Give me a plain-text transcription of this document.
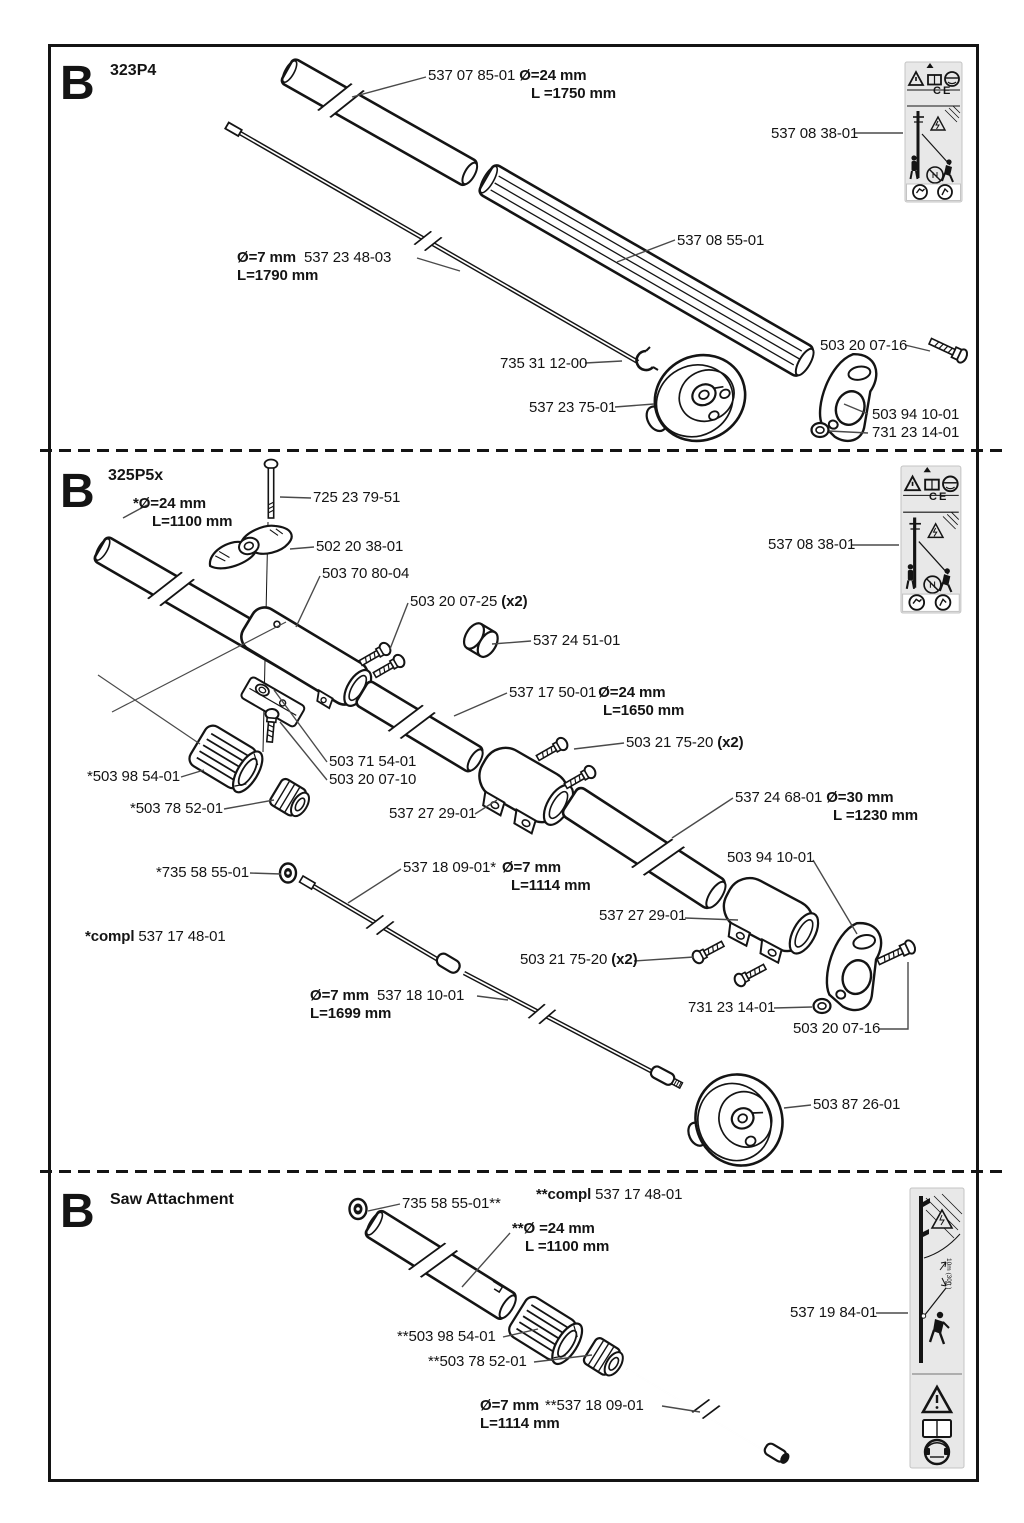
B 323P4
B 325P5x
B Saw Attachment
537 07 85-01 Ø=24 mm
L =1750 mm
537 08 38-01
537 08 55-01
Ø=7 mm 537 23 48-03
L=1790 mm
503 20 07-16
735 31 12-00
537 23 75-01	503 94 10-01
731 23 14-01
CE
*Ø=24 mm
L=1100 mm
725 23 79-51
502 20 38-01
503 70 80-04
503 20 07-25 (x2)
537 24 51-01
537 08 38-01
537 17 50-01 Ø=24 mm
L=1650 mm
503 21 75-20 (x2)
*503 98 54-01
*503 78 52-01
503 71 54-01
503 20 07-10
537 27 29-01
537 24 68-01 Ø=30 mm
L =1230 mm
503 94 10-01
*735 58 55-01	537 18 09-01* Ø=7 mm
L=1114 mm
*compl 537 17 48-01
537 27 29-01
503 21 75-20 (x2)
Ø=7 mm 537 18 10-01
L=1699 mm	731 23 14-01
503 20 07-16
503 87 26-01
CE
735 58 55-01**
**compl 537 17 48-01
**Ø =24 mm
L =1100 mm
537 19 84-01
**503 98 54-01
**503 78 52-01
Ø=7 mm **537 18 09-01
L=1114 mm
10m (30ft )
